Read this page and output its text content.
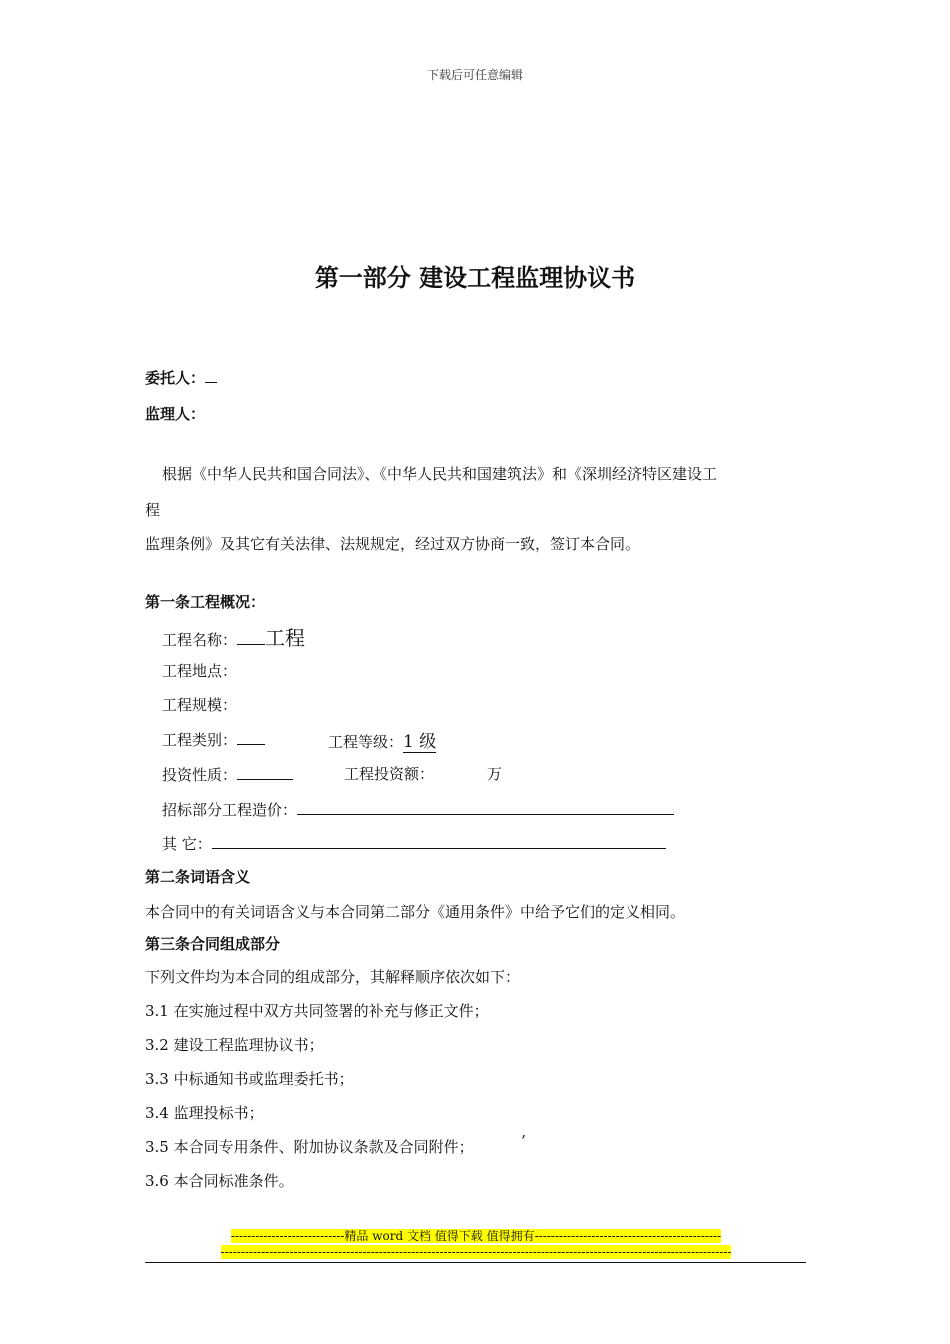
下载后可任意编辑
第一部分 建设工程监理协议书
委托人：
监理人：
根据《中华人民共和国合同法》、《中华人民共和国建筑法》和《深圳经济特区建设工
程
监理条例》及其它有关法律、法规规定，经过双方协商一致，签订本合同。
第一条工程概况：
工程名称： 工程
工程地点：
工程规模：
工程类别：	工程等级：1 级
投资性质：	工程投资额：	万
招标部分工程造价：
其 它：
第二条词语含义
本合同中的有关词语含义与本合同第二部分《通用条件》中给予它们的定义相同。
第三条合同组成部分
下列文件均为本合同的组成部分，其解释顺序依次如下：
3.1 在实施过程中双方共同签署的补充与修正文件；
3.2 建设工程监理协议书；
3.3 中标通知书或监理委托书；
3.4 监理投标书；
3.5 本合同专用条件、附加协议条款及合同附件；	’
3.6 本合同标准条件。
----------------------------精品 word 文档 值得下载 值得拥有----------------------------------------------
------------------------------------------------------------------------------------------------------------------------------
